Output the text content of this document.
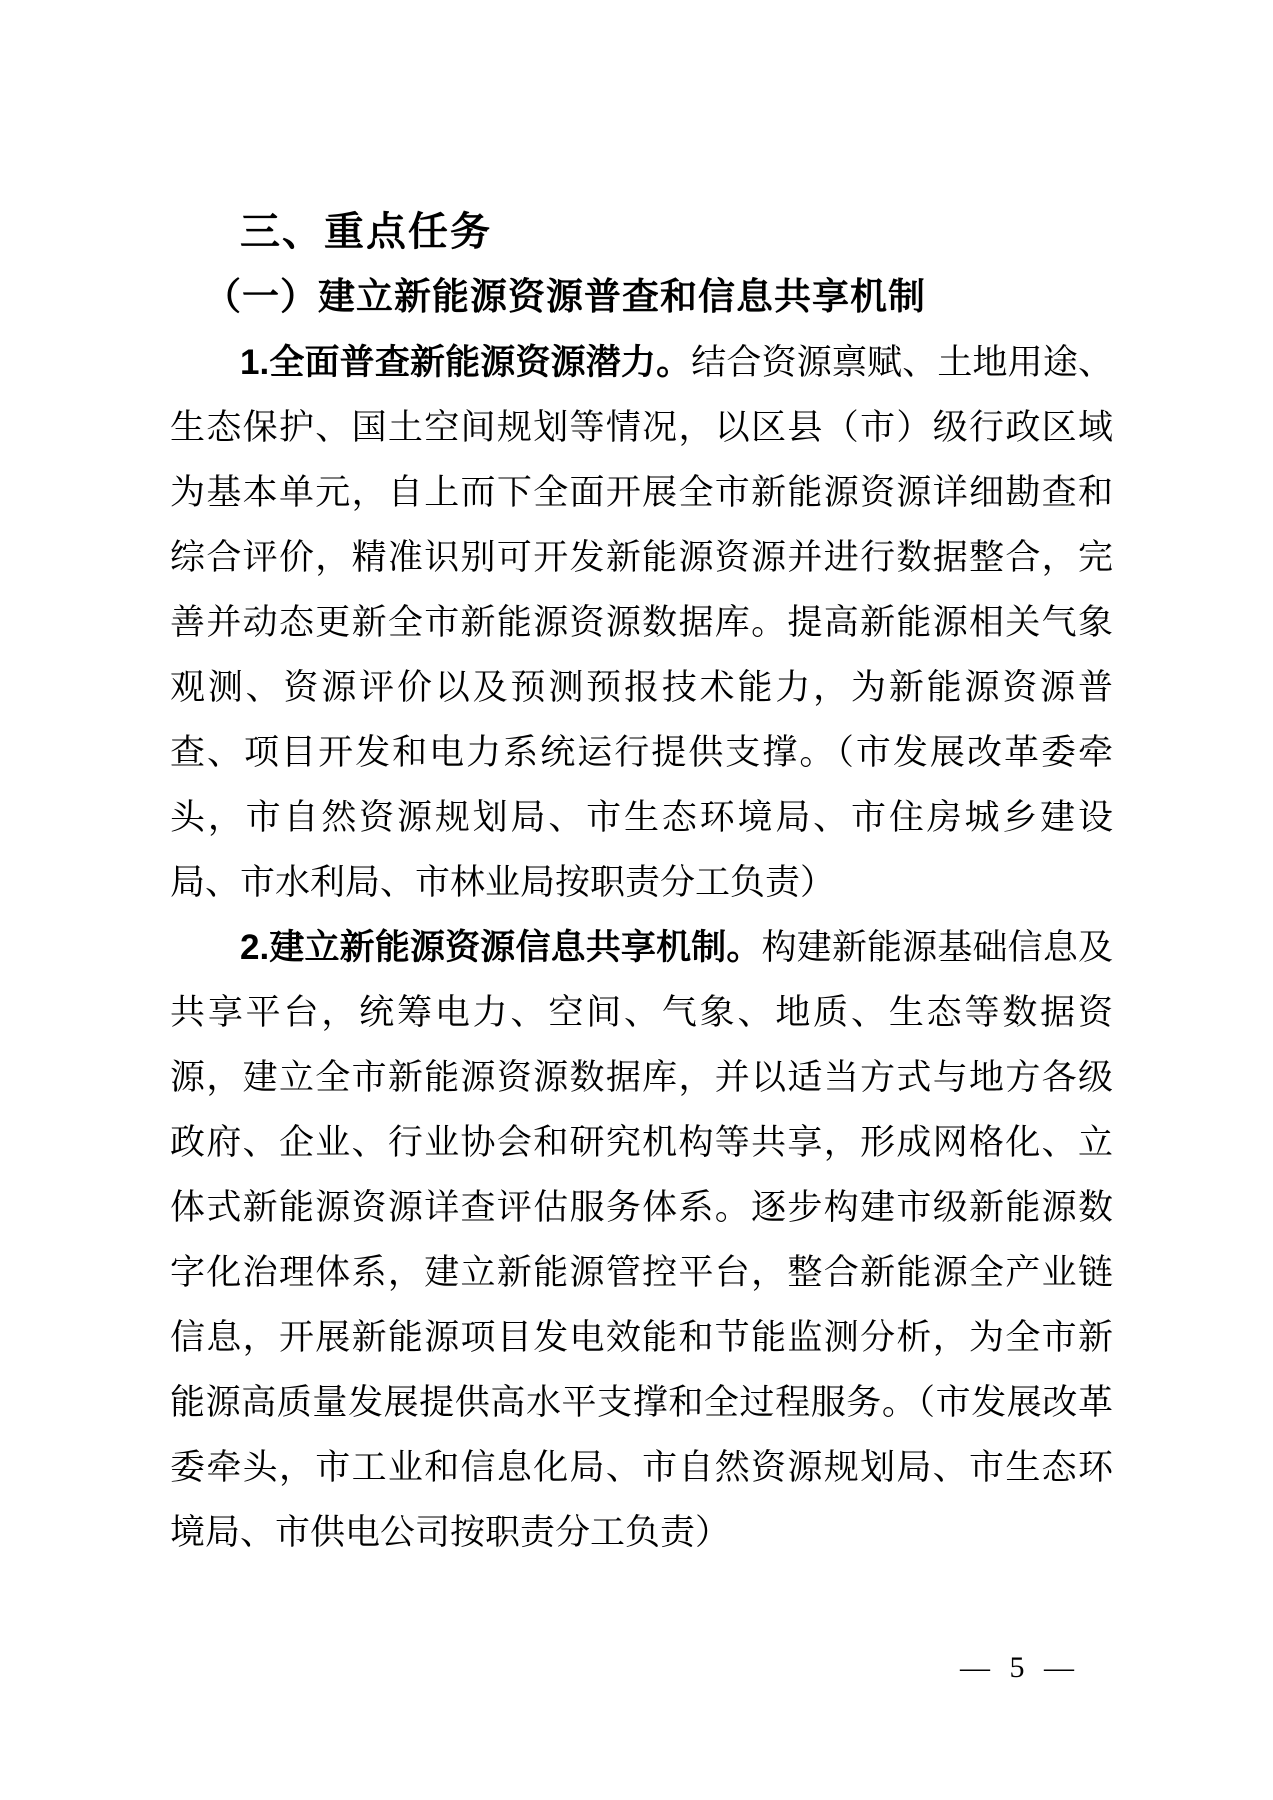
三、重点任务

（一）建立新能源资源普查和信息共享机制

1.全面普查新能源资源潜力。结合资源禀赋、土地用途、生态保护、国土空间规划等情况，以区县（市）级行政区域为基本单元，自上而下全面开展全市新能源资源详细勘查和综合评价，精准识别可开发新能源资源并进行数据整合，完善并动态更新全市新能源资源数据库。提高新能源相关气象观测、资源评价以及预测预报技术能力，为新能源资源普查、项目开发和电力系统运行提供支撑。（市发展改革委牵头，市自然资源规划局、市生态环境局、市住房城乡建设局、市水利局、市林业局按职责分工负责）

2.建立新能源资源信息共享机制。构建新能源基础信息及共享平台，统筹电力、空间、气象、地质、生态等数据资源，建立全市新能源资源数据库，并以适当方式与地方各级政府、企业、行业协会和研究机构等共享，形成网格化、立体式新能源资源详查评估服务体系。逐步构建市级新能源数字化治理体系，建立新能源管控平台，整合新能源全产业链信息，开展新能源项目发电效能和节能监测分析，为全市新能源高质量发展提供高水平支撑和全过程服务。（市发展改革委牵头，市工业和信息化局、市自然资源规划局、市生态环境局、市供电公司按职责分工负责）

— 5 —
